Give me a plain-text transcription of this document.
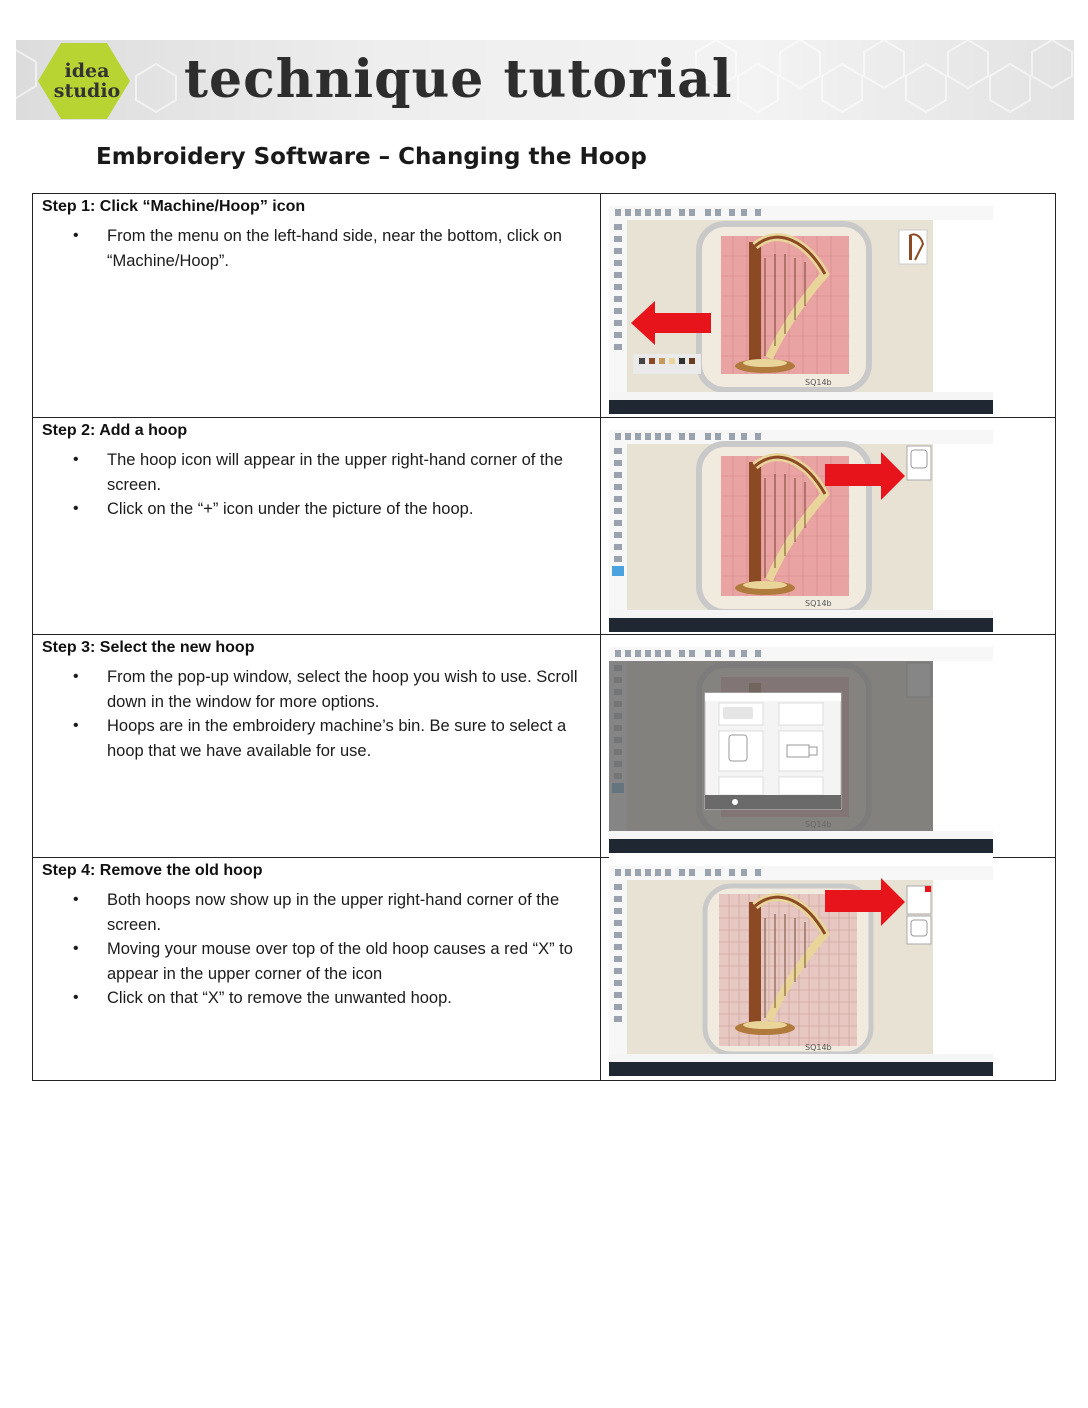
idea
studio technique tutorial
Embroidery Software – Changing the Hoop
Step 1: Click “Machine/Hoop” icon
• From the menu on the left-hand side, near the bottom, click on “Machine/Hoop”.
SQ14b
Step 2: Add a hoop
• The hoop icon will appear in the upper right-hand corner of the screen.
• Click on the “+” icon under the picture of the hoop.
SQ14b
Step 3: Select the new hoop
• From the pop-up window, select the hoop you wish to use. Scroll down in the window for more options.
• Hoops are in the embroidery machine’s bin. Be sure to select a hoop that we have available for use.
Step 4: Remove the old hoop
• Both hoops now show up in the upper right-hand corner of the screen.
• Moving your mouse over top of the old hoop causes a red “X” to appear in the upper corner of the icon
• Click on that “X” to remove the unwanted hoop.
SQ14b
